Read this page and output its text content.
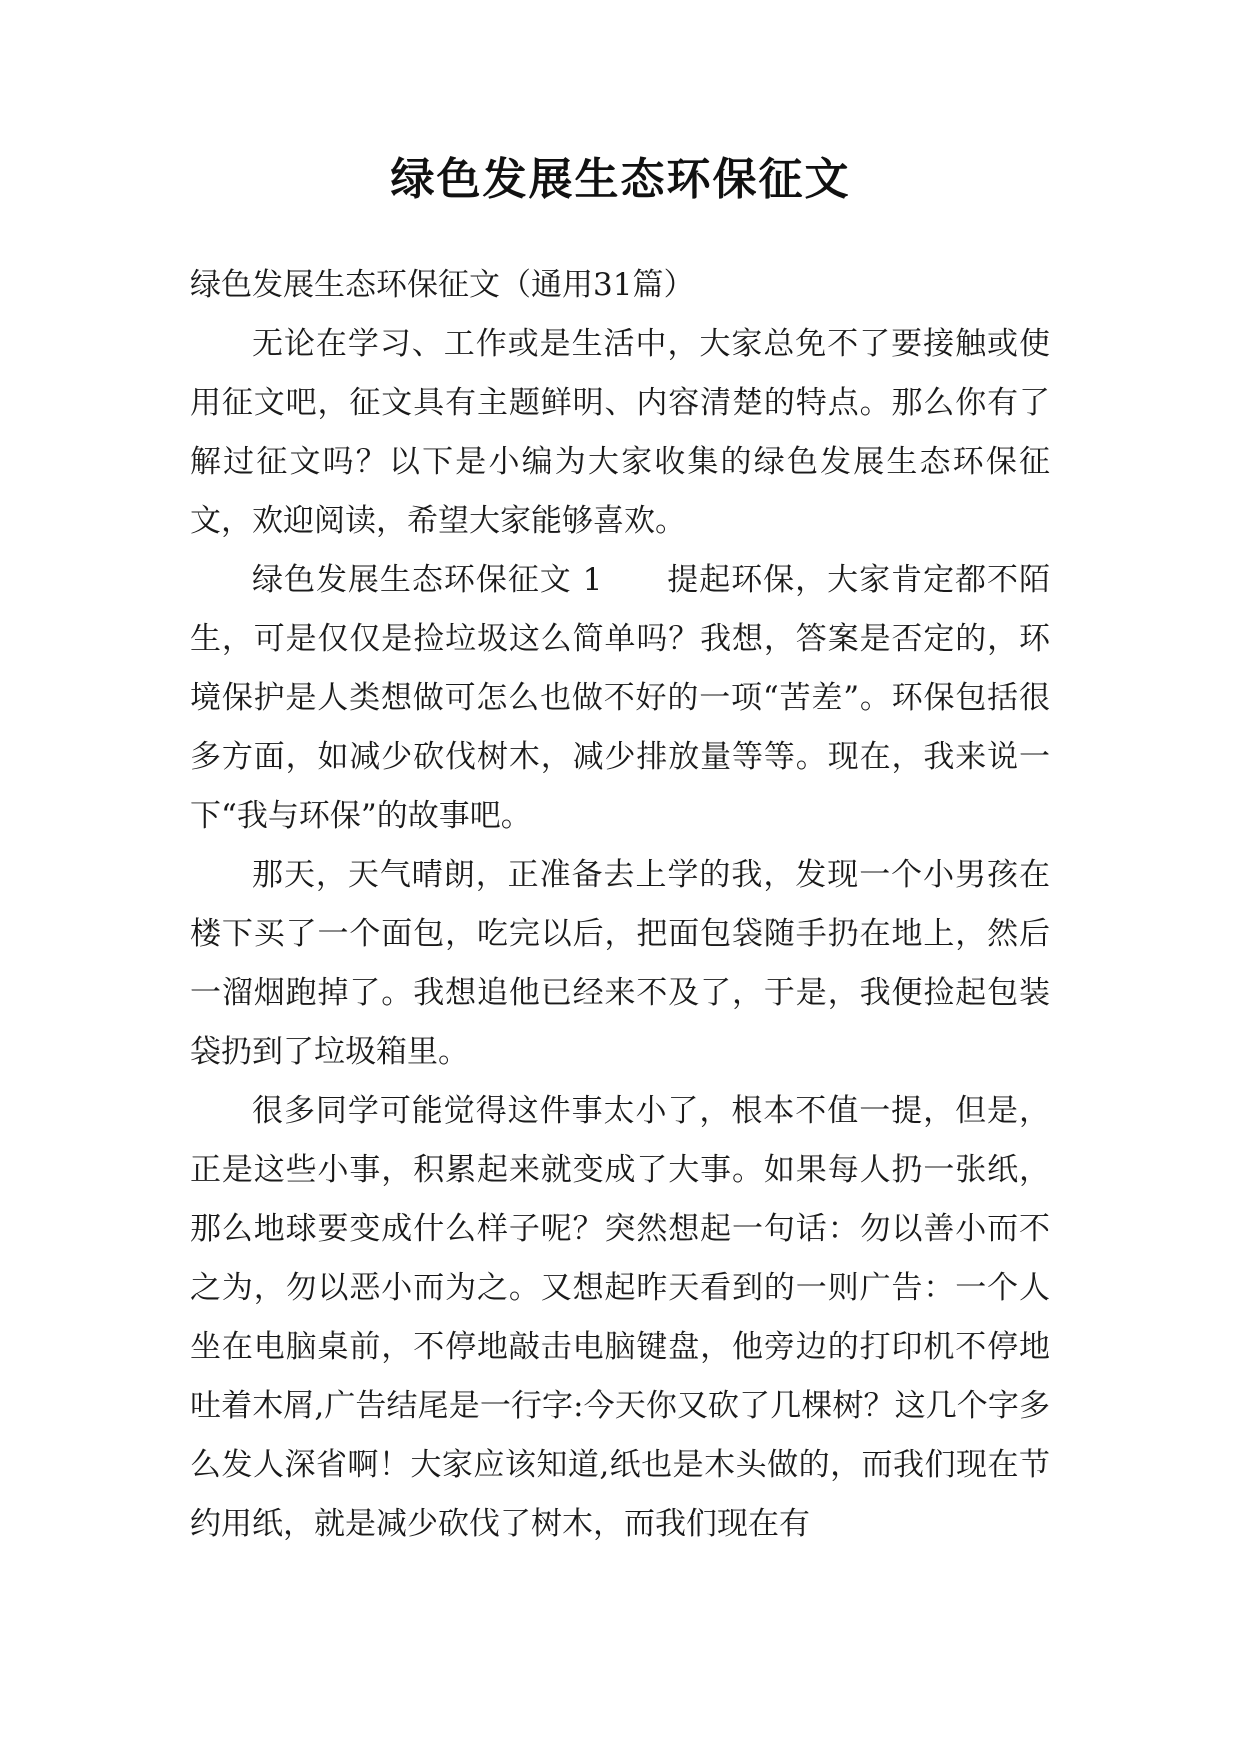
绿色发展生态环保征文

绿色发展生态环保征文（通用31篇）

无论在学习、工作或是生活中，大家总免不了要接触或使用征文吧，征文具有主题鲜明、内容清楚的特点。那么你有了解过征文吗？以下是小编为大家收集的绿色发展生态环保征文，欢迎阅读，希望大家能够喜欢。

绿色发展生态环保征文 1　　提起环保，大家肯定都不陌生，可是仅仅是捡垃圾这么简单吗？我想，答案是否定的，环境保护是人类想做可怎么也做不好的一项“苦差”。环保包括很多方面，如减少砍伐树木，减少排放量等等。现在，我来说一下“我与环保”的故事吧。

那天，天气晴朗，正准备去上学的我，发现一个小男孩在楼下买了一个面包，吃完以后，把面包袋随手扔在地上，然后一溜烟跑掉了。我想追他已经来不及了，于是，我便捡起包装袋扔到了垃圾箱里。

很多同学可能觉得这件事太小了，根本不值一提，但是，正是这些小事，积累起来就变成了大事。如果每人扔一张纸，那么地球要变成什么样子呢？突然想起一句话：勿以善小而不之为，勿以恶小而为之。又想起昨天看到的一则广告：一个人坐在电脑桌前，不停地敲击电脑键盘，他旁边的打印机不停地吐着木屑,广告结尾是一行字:今天你又砍了几棵树？这几个字多么发人深省啊！大家应该知道,纸也是木头做的，而我们现在节约用纸，就是减少砍伐了树木，而我们现在有
